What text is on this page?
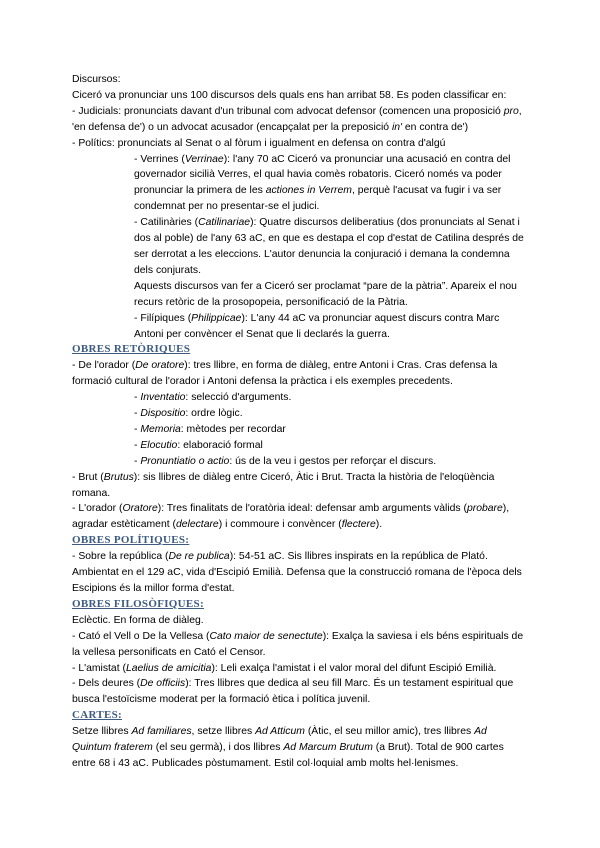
Discursos:

Ciceró va pronunciar uns 100 discursos dels quals ens han arribat 58. Es poden classificar en:

- Judicials: pronunciats davant d'un tribunal com advocat defensor (comencen una proposició pro, 'en defensa de') o un advocat acusador (encapçalat per la preposició in' en contra de')

- Polítics: pronunciats al Senat o al fòrum i igualment en defensa on contra d'algú

- Verrines (Verrinae): l'any 70 aC Ciceró va pronunciar una acusació en contra del governador sicilià Verres, el qual havia comès robatoris. Ciceró només va poder pronunciar la primera de les actiones in Verrem, perquè l'acusat va fugir i va ser condemnat per no presentar-se el judici.

- Catilinàries (Catilinariae): Quatre discursos deliberatius (dos pronunciats al Senat i dos al poble) de l'any 63 aC, en que es destapa el cop d'estat de Catilina després de ser derrotat a les eleccions. L'autor denuncia la conjuració i demana la condemna dels conjurats.

Aquests discursos van fer a Ciceró ser proclamat “pare de la pàtria”. Apareix el nou recurs retòric de la prosopopeia, personificació de la Pàtria.

- Filípiques (Philippicae): L'any 44 aC va pronunciar aquest discurs contra Marc Antoni per convèncer el Senat que li declarés la guerra.

OBRES RETÒRIQUES

- De l'orador (De oratore): tres llibre, en forma de diàleg, entre Antoni i Cras. Cras defensa la formació cultural de l'orador i Antoni defensa la pràctica i els exemples precedents.

- Inventatio: selecció d'arguments.

- Dispositio: ordre lògic.

- Memoria: mètodes per recordar

- Elocutio: elaboració formal

- Pronuntiatio o actio: ús de la veu i gestos per reforçar el discurs.

- Brut (Brutus): sis llibres de diàleg entre Ciceró, Àtic i Brut. Tracta la història de l'eloqüència romana.

- L'orador (Oratore): Tres finalitats de l'oratòria ideal: defensar amb arguments vàlids (probare), agradar estèticament (delectare) i commoure i convèncer (flectere).

OBRES POLÍTIQUES:

- Sobre la república (De re publica): 54-51 aC. Sis llibres inspirats en la república de Plató. Ambientat en el 129 aC, vida d'Escipió Emilià. Defensa que la construcció romana de l'època dels Escipions és la millor forma d'estat.

OBRES FILOSÒFIQUES:

Eclèctic. En forma de diàleg.

- Cató el Vell o De la Vellesa (Cato maior de senectute): Exalça la saviesa i els béns espirituals de la vellesa personificats en Cató el Censor.

- L'amistat (Laelius de amicitia): Leli exalça l'amistat i el valor moral del difunt Escipió Emilià.

- Dels deures (De officiis): Tres llibres que dedica al seu fill Marc. És un testament espiritual que busca l'estoïcisme moderat per la formació ètica i política juvenil.

CARTES:

Setze llibres Ad familiares, setze llibres Ad Atticum (Àtic, el seu millor amic), tres llibres Ad Quintum fraterem (el seu germà), i dos llibres Ad Marcum Brutum (a Brut). Total de 900 cartes entre 68 i 43 aC. Publicades pòstumament. Estil col·loquial amb molts hel·lenismes.
